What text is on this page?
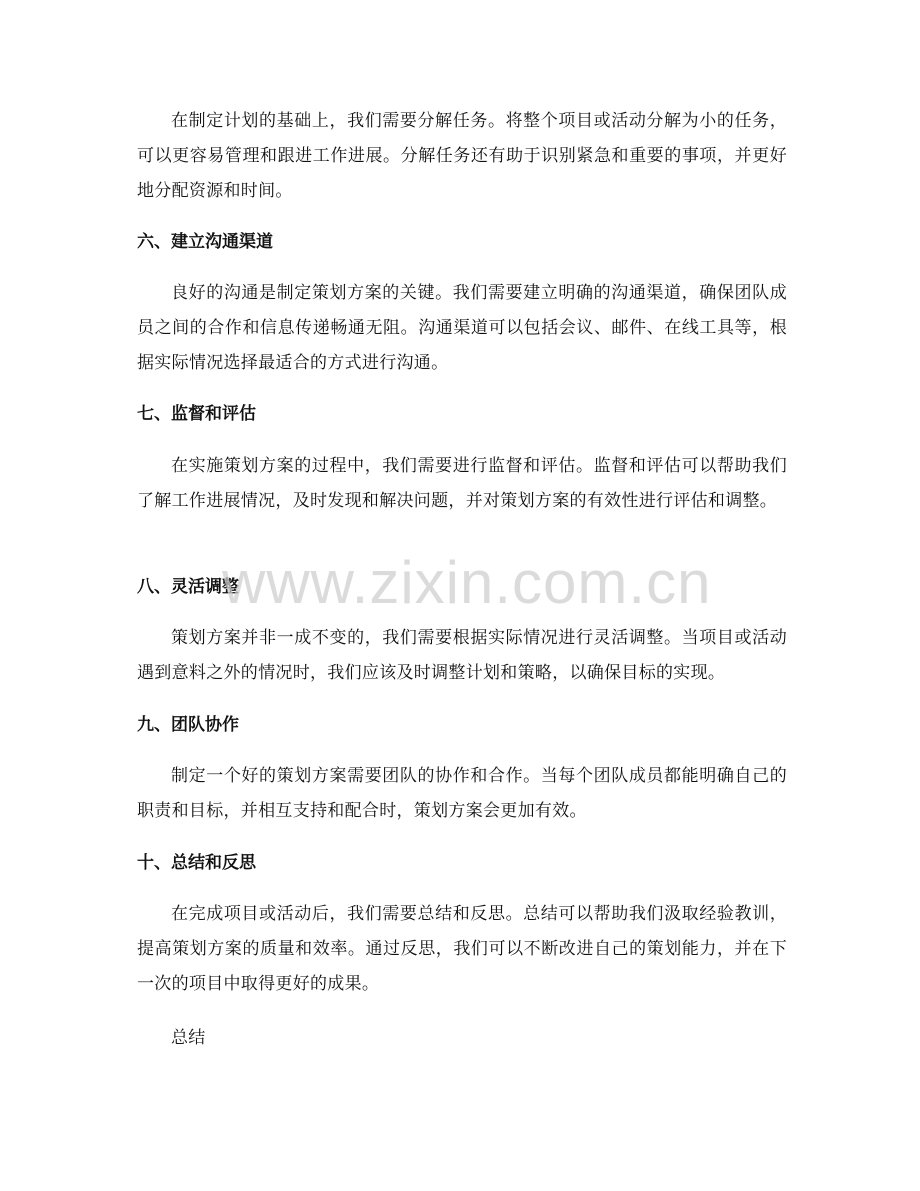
在制定计划的基础上，我们需要分解任务。将整个项目或活动分解为小的任务，可以更容易管理和跟进工作进展。分解任务还有助于识别紧急和重要的事项，并更好地分配资源和时间。

六、建立沟通渠道

良好的沟通是制定策划方案的关键。我们需要建立明确的沟通渠道，确保团队成员之间的合作和信息传递畅通无阻。沟通渠道可以包括会议、邮件、在线工具等，根据实际情况选择最适合的方式进行沟通。

七、监督和评估

在实施策划方案的过程中，我们需要进行监督和评估。监督和评估可以帮助我们了解工作进展情况，及时发现和解决问题，并对策划方案的有效性进行评估和调整。

八、灵活调整

策划方案并非一成不变的，我们需要根据实际情况进行灵活调整。当项目或活动遇到意料之外的情况时，我们应该及时调整计划和策略，以确保目标的实现。

九、团队协作

制定一个好的策划方案需要团队的协作和合作。当每个团队成员都能明确自己的职责和目标，并相互支持和配合时，策划方案会更加有效。

十、总结和反思

在完成项目或活动后，我们需要总结和反思。总结可以帮助我们汲取经验教训，提高策划方案的质量和效率。通过反思，我们可以不断改进自己的策划能力，并在下一次的项目中取得更好的成果。

总结

www.zixin.com.cn
